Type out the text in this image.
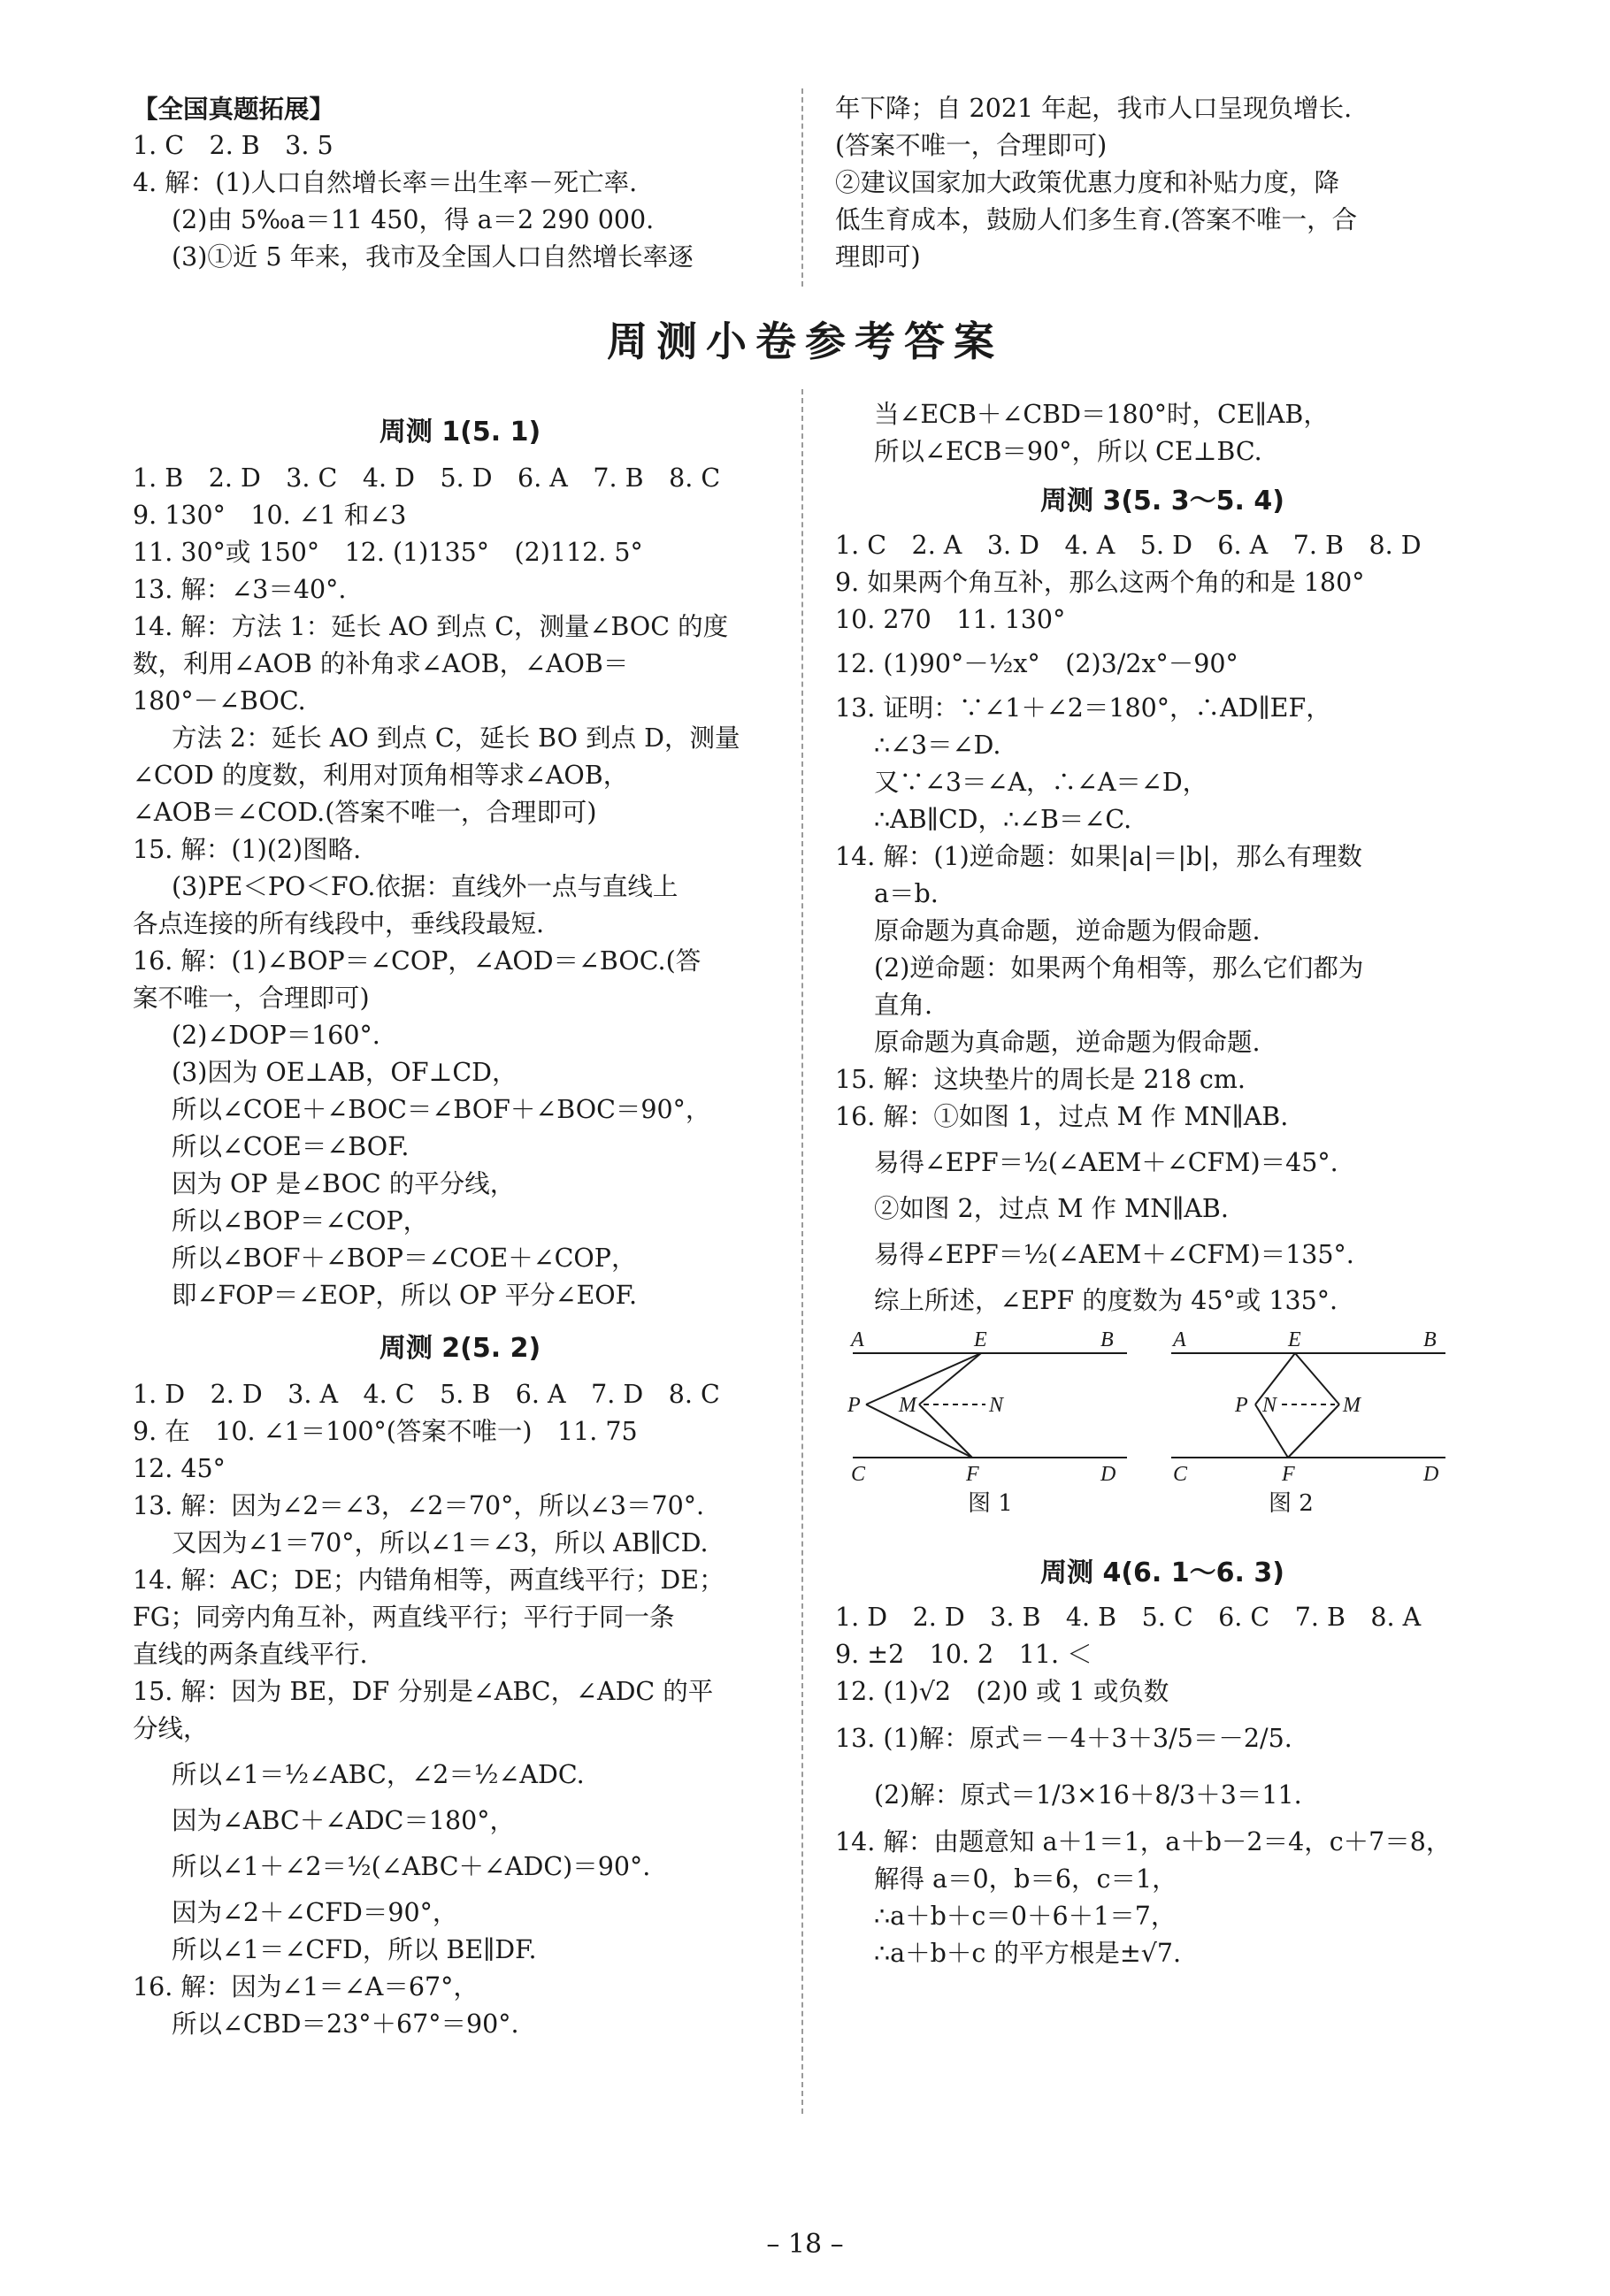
【全国真题拓展】

1. C　2. B　3. 5

4. 解：(1)人口自然增长率＝出生率－死亡率.

(2)由 5‰a＝11 450，得 a＝2 290 000.

(3)①近 5 年来，我市及全国人口自然增长率逐

年下降；自 2021 年起，我市人口呈现负增长.

(答案不唯一，合理即可)

②建议国家加大政策优惠力度和补贴力度，降

低生育成本，鼓励人们多生育.(答案不唯一，合

理即可)

周测小卷参考答案

周测 1(5. 1)

1. B　2. D　3. C　4. D　5. D　6. A　7. B　8. C

9. 130°　10. ∠1 和∠3

11. 30°或 150°　12. (1)135°　(2)112. 5°

13. 解：∠3＝40°.

14. 解：方法 1：延长 AO 到点 C，测量∠BOC 的度

数，利用∠AOB 的补角求∠AOB，∠AOB＝

180°－∠BOC.

方法 2：延长 AO 到点 C，延长 BO 到点 D，测量

∠COD 的度数，利用对顶角相等求∠AOB，

∠AOB＝∠COD.(答案不唯一，合理即可)

15. 解：(1)(2)图略.

(3)PE＜PO＜FO.依据：直线外一点与直线上

各点连接的所有线段中，垂线段最短.

16. 解：(1)∠BOP＝∠COP，∠AOD＝∠BOC.(答

案不唯一，合理即可)

(2)∠DOP＝160°.

(3)因为 OE⊥AB，OF⊥CD，

所以∠COE＋∠BOC＝∠BOF＋∠BOC＝90°，

所以∠COE＝∠BOF.

因为 OP 是∠BOC 的平分线，

所以∠BOP＝∠COP，

所以∠BOF＋∠BOP＝∠COE＋∠COP，

即∠FOP＝∠EOP，所以 OP 平分∠EOF.

周测 2(5. 2)

1. D　2. D　3. A　4. C　5. B　6. A　7. D　8. C

9. 在　10. ∠1＝100°(答案不唯一)　11. 75

12. 45°

13. 解：因为∠2＝∠3，∠2＝70°，所以∠3＝70°.

又因为∠1＝70°，所以∠1＝∠3，所以 AB∥CD.

14. 解：AC；DE；内错角相等，两直线平行；DE；

FG；同旁内角互补，两直线平行；平行于同一条

直线的两条直线平行.

15. 解：因为 BE，DF 分别是∠ABC，∠ADC 的平

分线，

所以∠1＝½∠ABC，∠2＝½∠ADC.

因为∠ABC＋∠ADC＝180°，

所以∠1＋∠2＝½(∠ABC＋∠ADC)＝90°.

因为∠2＋∠CFD＝90°，

所以∠1＝∠CFD，所以 BE∥DF.

16. 解：因为∠1＝∠A＝67°，

所以∠CBD＝23°＋67°＝90°.

当∠ECB＋∠CBD＝180°时，CE∥AB，

所以∠ECB＝90°，所以 CE⊥BC.

周测 3(5. 3～5. 4)

1. C　2. A　3. D　4. A　5. D　6. A　7. B　8. D

9. 如果两个角互补，那么这两个角的和是 180°

10. 270　11. 130°

12. (1)90°－½x°　(2)3/2x°－90°

13. 证明：∵∠1＋∠2＝180°，∴AD∥EF，

∴∠3＝∠D.

又∵∠3＝∠A，∴∠A＝∠D，

∴AB∥CD，∴∠B＝∠C.

14. 解：(1)逆命题：如果|a|＝|b|，那么有理数

a＝b.

原命题为真命题，逆命题为假命题.

(2)逆命题：如果两个角相等，那么它们都为

直角.

原命题为真命题，逆命题为假命题.

15. 解：这块垫片的周长是 218 cm.

16. 解：①如图 1，过点 M 作 MN∥AB.

易得∠EPF＝½(∠AEM＋∠CFM)＝45°.

②如图 2，过点 M 作 MN∥AB.

易得∠EPF＝½(∠AEM＋∠CFM)＝135°.

综上所述，∠EPF 的度数为 45°或 135°.

A	E	B
P M	N
C	F	D
图 1
A	E	B
P N	M
C	F	D
图 2

周测 4(6. 1～6. 3)

1. D　2. D　3. B　4. B　5. C　6. C　7. B　8. A

9. ±2　10. 2　11. ＜

12. (1)√2　(2)0 或 1 或负数

13. (1)解：原式＝－4＋3＋3/5＝－2/5.

(2)解：原式＝1/3×16＋8/3＋3＝11.

14. 解：由题意知 a＋1＝1，a＋b－2＝4，c＋7＝8，

解得 a＝0，b＝6，c＝1，

∴a＋b＋c＝0＋6＋1＝7，

∴a＋b＋c 的平方根是±√7.

– 18 –
